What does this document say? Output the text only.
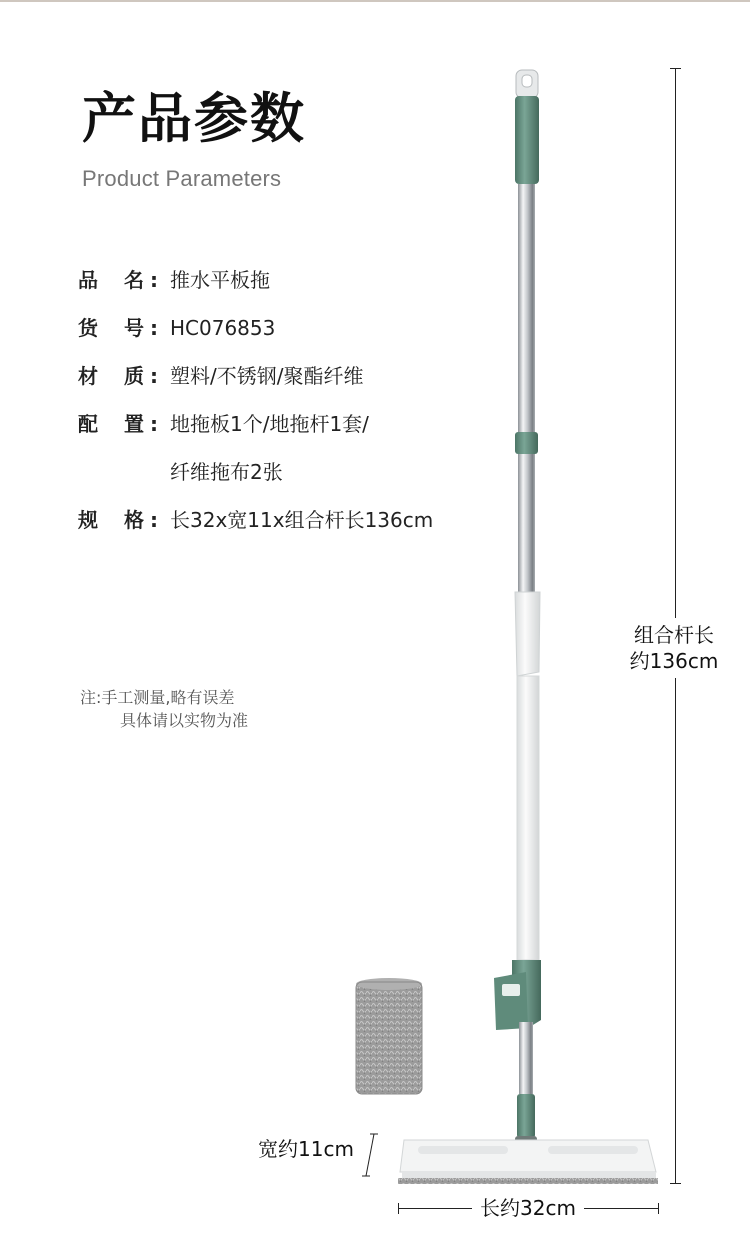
产品参数
Product Parameters
品 名 : 推水平板拖
货 号 : HC076853
材 质 : 塑料/不锈钢/聚酯纤维
配 置 : 地拖板1个/地拖杆1套/
纤维拖布2张
规 格 : 长32x宽11x组合杆长136cm
注:手工测量,略有误差
具体请以实物为准
组合杆长
约136cm
长约32cm
宽约11cm
